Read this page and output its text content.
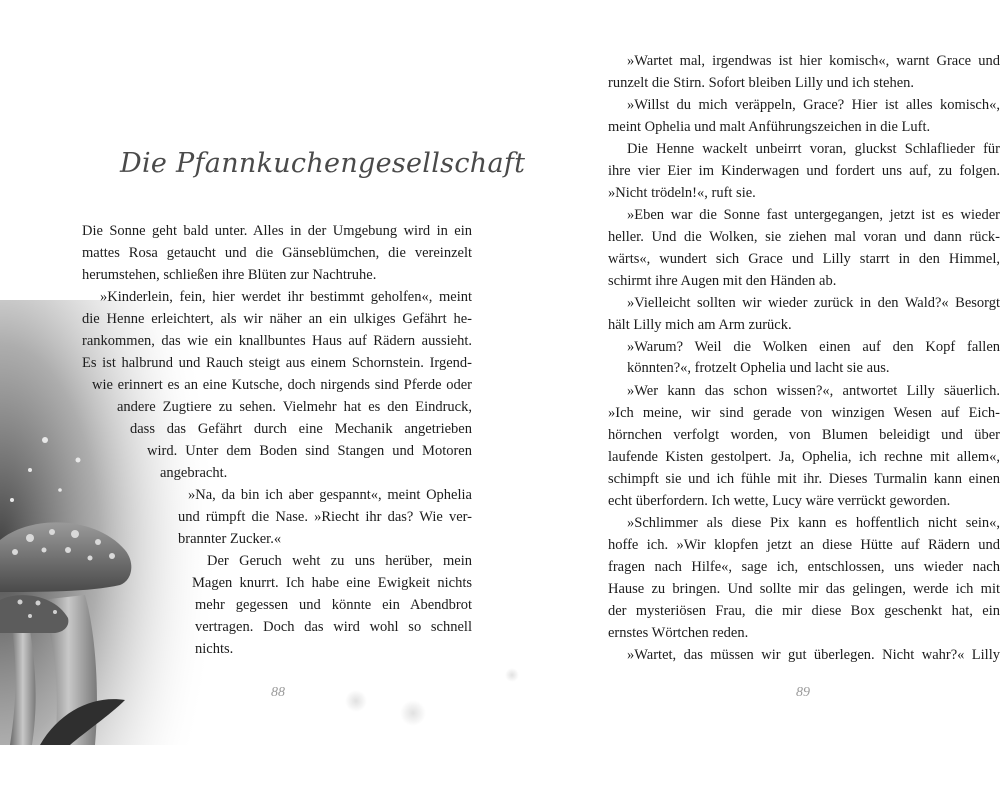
Die Pfannkuchengesellschaft

Die Sonne geht bald unter. Alles in der Umgebung wird in ein

mattes Rosa getaucht und die Gänseblümchen, die vereinzelt

herumstehen, schließen ihre Blüten zur Nachtruhe.

»Kinderlein, fein, hier werdet ihr bestimmt geholfen«, meint

die Henne erleichtert, als wir näher an ein ulkiges Gefährt he-

rankommen, das wie ein knallbuntes Haus auf Rädern aussieht.

Es ist halbrund und Rauch steigt aus einem Schornstein. Irgend-

wie erinnert es an eine Kutsche, doch nirgends sind Pferde oder

andere Zugtiere zu sehen. Vielmehr hat es den Eindruck,

dass das Gefährt durch eine Mechanik angetrieben

wird. Unter dem Boden sind Stangen und Motoren

angebracht.

»Na, da bin ich aber gespannt«, meint Ophelia

und rümpft die Nase. »Riecht ihr das? Wie ver-

brannter Zucker.«

Der Geruch weht zu uns herüber, mein

Magen knurrt. Ich habe eine Ewigkeit nichts

mehr gegessen und könnte ein Abendbrot

vertragen. Doch das wird wohl so schnell

nichts.

88

»Wartet mal, irgendwas ist hier komisch«, warnt Grace und

runzelt die Stirn. Sofort bleiben Lilly und ich stehen.

»Willst du mich veräppeln, Grace? Hier ist alles komisch«,

meint Ophelia und malt Anführungszeichen in die Luft.

Die Henne wackelt unbeirrt voran, gluckst Schlaflieder für

ihre vier Eier im Kinderwagen und fordert uns auf, zu folgen.

»Nicht trödeln!«, ruft sie.

»Eben war die Sonne fast untergegangen, jetzt ist es wieder

heller. Und die Wolken, sie ziehen mal voran und dann rück-

wärts«, wundert sich Grace und Lilly starrt in den Himmel,

schirmt ihre Augen mit den Händen ab.

»Vielleicht sollten wir wieder zurück in den Wald?« Besorgt

hält Lilly mich am Arm zurück.

»Warum? Weil die Wolken einen auf den Kopf fallen könnten?«, frotzelt Ophelia und lacht sie aus.

»Wer kann das schon wissen?«, antwortet Lilly säuerlich.

»Ich meine, wir sind gerade von winzigen Wesen auf Eich-

hörnchen verfolgt worden, von Blumen beleidigt und über

laufende Kisten gestolpert. Ja, Ophelia, ich rechne mit allem«,

schimpft sie und ich fühle mit ihr. Dieses Turmalin kann einen

echt überfordern. Ich wette, Lucy wäre verrückt geworden.

»Schlimmer als diese Pix kann es hoffentlich nicht sein«,

hoffe ich. »Wir klopfen jetzt an diese Hütte auf Rädern und

fragen nach Hilfe«, sage ich, entschlossen, uns wieder nach

Hause zu bringen. Und sollte mir das gelingen, werde ich mit

der mysteriösen Frau, die mir diese Box geschenkt hat, ein

ernstes Wörtchen reden.

»Wartet, das müssen wir gut überlegen. Nicht wahr?« Lilly

89
